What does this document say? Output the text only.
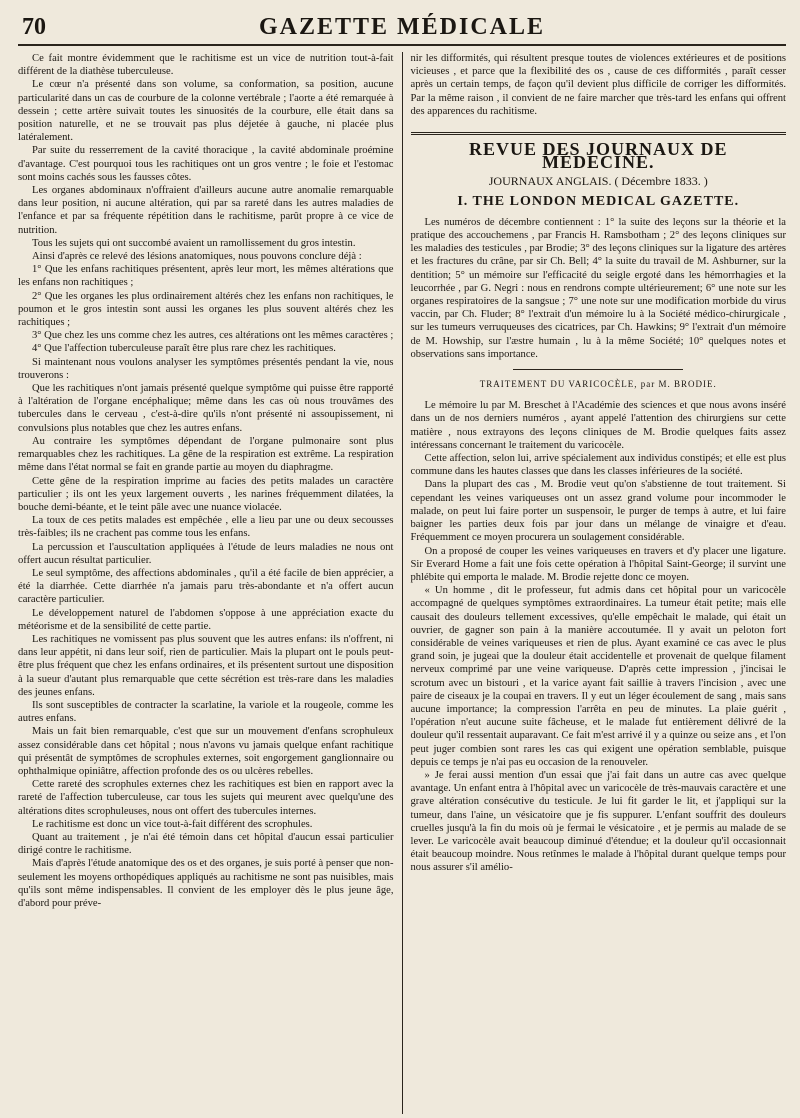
70	GAZETTE MÉDICALE

Ce fait montre évidemment que le rachitisme est un vice de nutrition tout-à-fait différent de la diathèse tuberculeuse.

Le cœur n'a présenté dans son volume, sa conformation, sa position, aucune particularité dans un cas de courbure de la colonne vertébrale ; l'aorte a été remarquée à dessein ; cette artère suivait toutes les sinuosités de la courbure, elle était dans sa position naturelle, et ne se trouvait pas plus déjetée à gauche, ni placée plus latéralement.

Par suite du resserrement de la cavité thoracique , la cavité abdominale proémine d'avantage. C'est pourquoi tous les rachitiques ont un gros ventre ; le foie et l'estomac sont moins cachés sous les fausses côtes.

Les organes abdominaux n'offraient d'ailleurs aucune autre anomalie remarquable dans leur position, ni aucune altération, qui par sa rareté dans les autres maladies de l'enfance et par sa fréquente répétition dans le rachitisme, parût propre à ce vice de nutrition.

Tous les sujets qui ont succombé avaient un ramollissement du gros intestin.

Ainsi d'après ce relevé des lésions anatomiques, nous pouvons conclure déjà :

1° Que les enfans rachitiques présentent, après leur mort, les mêmes altérations que les enfans non rachitiques ;

2° Que les organes les plus ordinairement altérés chez les enfans non rachitiques, le poumon et le gros intestin sont aussi les organes les plus souvent altérés chez les rachitiques ;

3° Que chez les uns comme chez les autres, ces altérations ont les mêmes caractères ;

4° Que l'affection tuberculeuse paraît être plus rare chez les rachitiques.

Si maintenant nous voulons analyser les symptômes présentés pendant la vie, nous trouverons :

Que les rachitiques n'ont jamais présenté quelque symptôme qui puisse être rapporté à l'altération de l'organe encéphalique; même dans les cas où nous trouvâmes des tubercules dans le cerveau , c'est-à-dire qu'ils n'ont présenté ni assoupissement, ni convulsions plus notables que chez les autres enfans.

Au contraire les symptômes dépendant de l'organe pulmonaire sont plus remarquables chez les rachitiques. La gêne de la respiration est extrême. La respiration même dans l'état normal se fait en grande partie au moyen du diaphragme.

Cette gêne de la respiration imprime au facies des petits malades un caractère particulier ; ils ont les yeux largement ouverts , les narines fréquemment dilatées, la bouche demi-béante, et le teint pâle avec une nuance violacée.

La toux de ces petits malades est empêchée , elle a lieu par une ou deux secousses très-faibles; ils ne crachent pas comme tous les enfans.

La percussion et l'auscultation appliquées à l'étude de leurs maladies ne nous ont offert aucun résultat particulier.

Le seul symptôme, des affections abdominales , qu'il a été facile de bien apprécier, a été la diarrhée. Cette diarrhée n'a jamais paru très-abondante et n'a offert aucun caractère particulier.

Le développement naturel de l'abdomen s'oppose à une appréciation exacte du météorisme et de la sensibilité de cette partie.

Les rachitiques ne vomissent pas plus souvent que les autres enfans: ils n'offrent, ni dans leur appétit, ni dans leur soif, rien de particulier. Mais la plupart ont le pouls peut-être plus fréquent que chez les enfans ordinaires, et ils présentent surtout une disposition à la sueur d'autant plus remarquable que cette sécrétion est très-rare dans les maladies des jeunes enfans.

Ils sont susceptibles de contracter la scarlatine, la variole et la rougeole, comme les autres enfans.

Mais un fait bien remarquable, c'est que sur un mouvement d'enfans scrophuleux assez considérable dans cet hôpital ; nous n'avons vu jamais quelque enfant rachitique qui présentât de symptômes de scrophules externes, soit engorgement ganglionnaire ou ophthalmique opiniâtre, affection profonde des os ou ulcères rebelles.

Cette rareté des scrophules externes chez les rachitiques est bien en rapport avec la rareté de l'affection tuberculeuse, car tous les sujets qui meurent avec quelqu'une des altérations dites scrophuleuses, nous ont offert des tubercules internes.

Le rachitisme est donc un vice tout-à-fait différent des scrophules.

Quant au traitement , je n'ai été témoin dans cet hôpital d'aucun essai particulier dirigé contre le rachitisme.

Mais d'après l'étude anatomique des os et des organes, je suis porté à penser que non-seulement les moyens orthopédiques appliqués au rachitisme ne sont pas nuisibles, mais qu'ils sont même indispensables. Il convient de les employer dès le plus jeune âge, d'abord pour préve-

nir les difformités, qui résultent presque toutes de violences extérieures et de positions vicieuses , et parce que la flexibilité des os , cause de ces difformités , paraît cesser après un certain temps, de façon qu'il devient plus difficile de corriger les difformités. Par la même raison , il convient de ne faire marcher que très-tard les enfans qui offrent des apparences du rachitisme.

REVUE DES JOURNAUX DE MÉDECINE.
JOURNAUX ANGLAIS. ( Décembre 1833. )
I. THE LONDON MEDICAL GAZETTE.

Les numéros de décembre contiennent : 1° la suite des leçons sur la théorie et la pratique des accouchemens , par Francis H. Ramsbotham ; 2° des leçons cliniques sur les maladies des testicules , par Brodie; 3° des leçons cliniques sur la ligature des artères et les fractures du crâne, par sir Ch. Bell; 4° la suite du travail de M. Ashburner, sur la dentition; 5° un mémoire sur l'efficacité du seigle ergoté dans les hémorrhagies et la leucorrhée , par G. Negri : nous en rendrons compte ultérieurement; 6° une note sur les organes respiratoires de la sangsue ; 7° une note sur une modification morbide du virus vaccin, par Ch. Fluder; 8° l'extrait d'un mémoire lu à la Société médico-chirurgicale , sur les tumeurs verruqueuses des cicatrices, par Ch. Hawkins; 9° l'extrait d'un mémoire de M. Howship, sur l'æstre humain , lu à la même Société; 10° quelques notes et observations sans importance.

TRAITEMENT DU VARICOCÈLE, par M. BRODIE.

Le mémoire lu par M. Breschet à l'Académie des sciences et que nous avons inséré dans un de nos derniers numéros , ayant appelé l'attention des chirurgiens sur cette matière , nous extrayons des leçons cliniques de M. Brodie quelques faits assez intéressans concernant le traitement du varicocèle.

Cette affection, selon lui, arrive spécialement aux individus constipés; et elle est plus commune dans les hautes classes que dans les classes inférieures de la société.

Dans la plupart des cas , M. Brodie veut qu'on s'abstienne de tout traitement. Si cependant les veines variqueuses ont un assez grand volume pour incommoder le malade, on peut lui faire porter un suspensoir, le purger de temps à autre, et lui faire baigner les parties deux fois par jour dans un mélange de vinaigre et d'eau. Fréquemment ce moyen procurera un soulagement considérable.

On a proposé de couper les veines variqueuses en travers et d'y placer une ligature. Sir Everard Home a fait une fois cette opération à l'hôpital Saint-George; il survint une phlébite qui emporta le malade. M. Brodie rejette donc ce moyen.

« Un homme , dit le professeur, fut admis dans cet hôpital pour un varicocèle accompagné de quelques symptômes extraordinaires. La tumeur était petite; mais elle causait des douleurs tellement excessives, qu'elle empêchait le malade, qui était un ouvrier, de gagner son pain à la manière accoutumée. Il y avait un peloton fort considérable de veines variqueuses et rien de plus. Ayant examiné ce cas avec le plus grand soin, je jugeai que la douleur était accidentelle et provenait de quelque filament nerveux comprimé par une veine variqueuse. D'après cette impression , j'incisai le scrotum avec un bistouri , et la varice ayant fait saillie à travers l'incision , avec une paire de ciseaux je la coupai en travers. Il y eut un léger écoulement de sang , mais sans aucune importance; la compression l'arrêta en peu de minutes. La plaie guérit , l'opération n'eut aucune suite fâcheuse, et le malade fut entièrement délivré de la douleur qu'il ressentait auparavant. Ce fait m'est arrivé il y a quinze ou seize ans , et l'on peut juger combien sont rares les cas qui exigent une opération semblable, puisque depuis ce temps je n'ai pas eu occasion de la renouveler.

» Je ferai aussi mention d'un essai que j'ai fait dans un autre cas avec quelque avantage. Un enfant entra à l'hôpital avec un varicocèle de très-mauvais caractère et une grave altération consécutive du testicule. Je lui fit garder le lit, et j'appliqui sur la tumeur, dans l'aine, un vésicatoire que je fis suppurer. L'enfant souffrit des douleurs cruelles jusqu'à la fin du mois où je fermai le vésicatoire , et je permis au malade de se lever. Le varicocèle avait beaucoup diminué d'étendue; et la douleur qu'il occasionnait était beaucoup moindre. Nous retînmes le malade à l'hôpital durant quelque temps pour nous assurer s'il amélio-
